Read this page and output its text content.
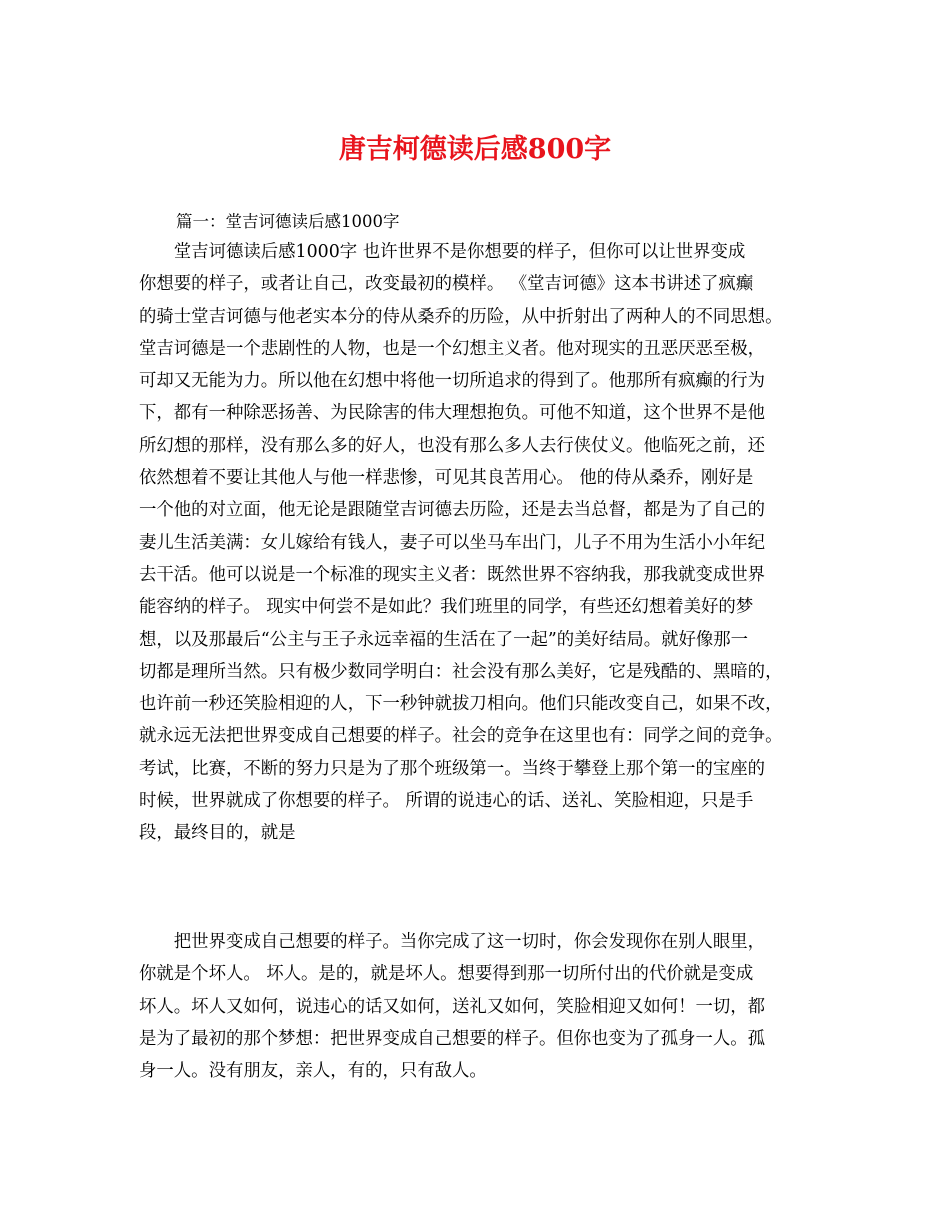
唐吉柯德读后感800字

篇一：堂吉诃德读后感1000字

　　堂吉诃德读后感1000字 也许世界不是你想要的样子，但你可以让世界变成
你想要的样子，或者让自己，改变最初的模样。 《堂吉诃德》这本书讲述了疯癫
的骑士堂吉诃德与他老实本分的侍从桑乔的历险，从中折射出了两种人的不同思想。
堂吉诃德是一个悲剧性的人物，也是一个幻想主义者。他对现实的丑恶厌恶至极，
可却又无能为力。所以他在幻想中将他一切所追求的得到了。他那所有疯癫的行为
下，都有一种除恶扬善、为民除害的伟大理想抱负。可他不知道，这个世界不是他
所幻想的那样，没有那么多的好人，也没有那么多人去行侠仗义。他临死之前，还
依然想着不要让其他人与他一样悲惨，可见其良苦用心。 他的侍从桑乔，刚好是
一个他的对立面，他无论是跟随堂吉诃德去历险，还是去当总督，都是为了自己的
妻儿生活美满：女儿嫁给有钱人，妻子可以坐马车出门，儿子不用为生活小小年纪
去干活。他可以说是一个标准的现实主义者：既然世界不容纳我，那我就变成世界
能容纳的样子。 现实中何尝不是如此？我们班里的同学，有些还幻想着美好的梦
想，以及那最后“公主与王子永远幸福的生活在了一起”的美好结局。就好像那一
切都是理所当然。只有极少数同学明白：社会没有那么美好，它是残酷的、黑暗的，
也许前一秒还笑脸相迎的人，下一秒钟就拔刀相向。他们只能改变自己，如果不改，
就永远无法把世界变成自己想要的样子。社会的竞争在这里也有：同学之间的竞争。
考试，比赛，不断的努力只是为了那个班级第一。当终于攀登上那个第一的宝座的
时候，世界就成了你想要的样子。 所谓的说违心的话、送礼、笑脸相迎，只是手
段，最终目的，就是
　　把世界变成自己想要的样子。当你完成了这一切时，你会发现你在别人眼里，
你就是个坏人。 坏人。是的，就是坏人。想要得到那一切所付出的代价就是变成
坏人。坏人又如何，说违心的话又如何，送礼又如何，笑脸相迎又如何！一切，都
是为了最初的那个梦想：把世界变成自己想要的样子。但你也变为了孤身一人。孤
身一人。没有朋友，亲人，有的，只有敌人。
